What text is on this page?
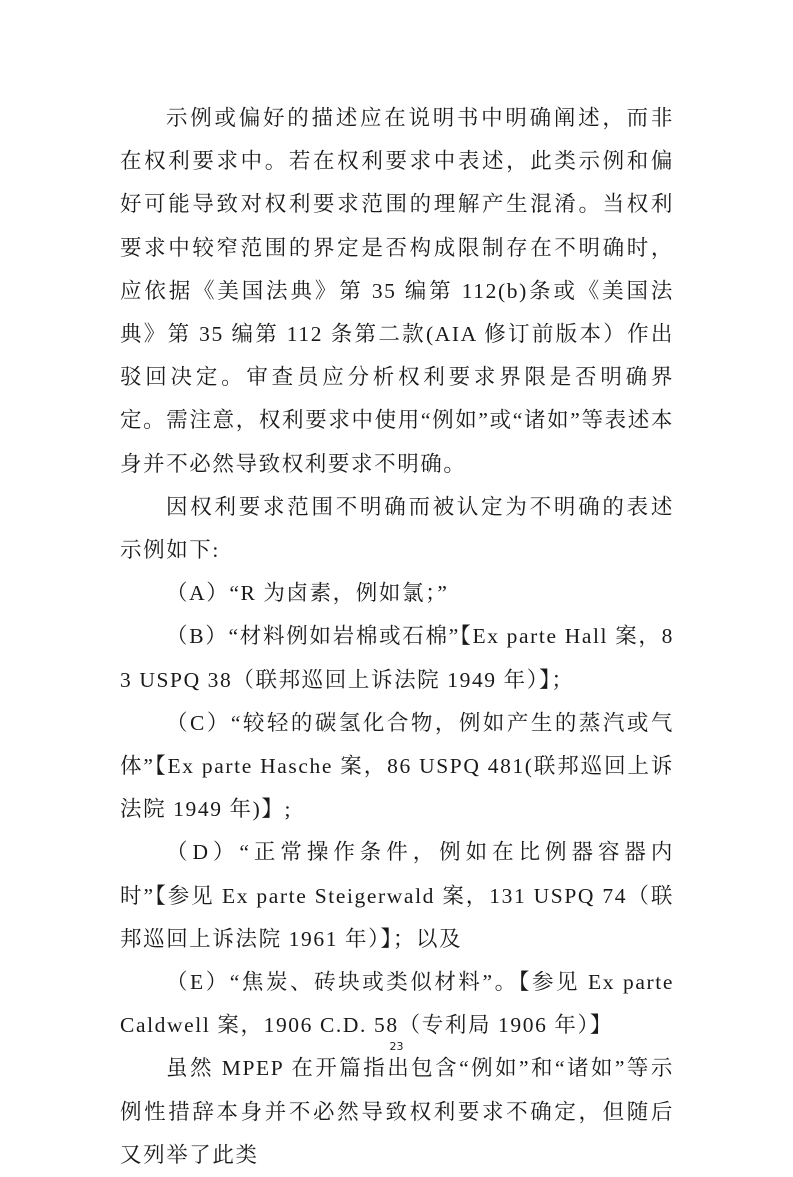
示例或偏好的描述应在说明书中明确阐述，而非在权利要求中。若在权利要求中表述，此类示例和偏好可能导致对权利要求范围的理解产生混淆。当权利要求中较窄范围的界定是否构成限制存在不明确时，应依据《美国法典》第 35 编第 112(b)条或《美国法典》第 35 编第 112 条第二款(AIA 修订前版本）作出驳回决定。审查员应分析权利要求界限是否明确界定。需注意，权利要求中使用“例如”或“诸如”等表述本身并不必然导致权利要求不明确。

因权利要求范围不明确而被认定为不明确的表述示例如下:

（A）“R 为卤素，例如氯；”

（B）“材料例如岩棉或石棉”【Ex parte Hall 案，83 USPQ 38（联邦巡回上诉法院 1949 年）】；

（C）“较轻的碳氢化合物，例如产生的蒸汽或气体”【Ex parte Hasche 案，86 USPQ 481(联邦巡回上诉法院 1949 年)】;

（D）“正常操作条件，例如在比例器容器内时”【参见 Ex parte Steigerwald 案，131 USPQ 74（联邦巡回上诉法院 1961 年）】；以及

（E）“焦炭、砖块或类似材料”。【参见 Ex parte Caldwell 案，1906 C.D. 58（专利局 1906 年）】

虽然 MPEP 在开篇指出包含“例如”和“诸如”等示例性措辞本身并不必然导致权利要求不确定，但随后又列举了此类

23
